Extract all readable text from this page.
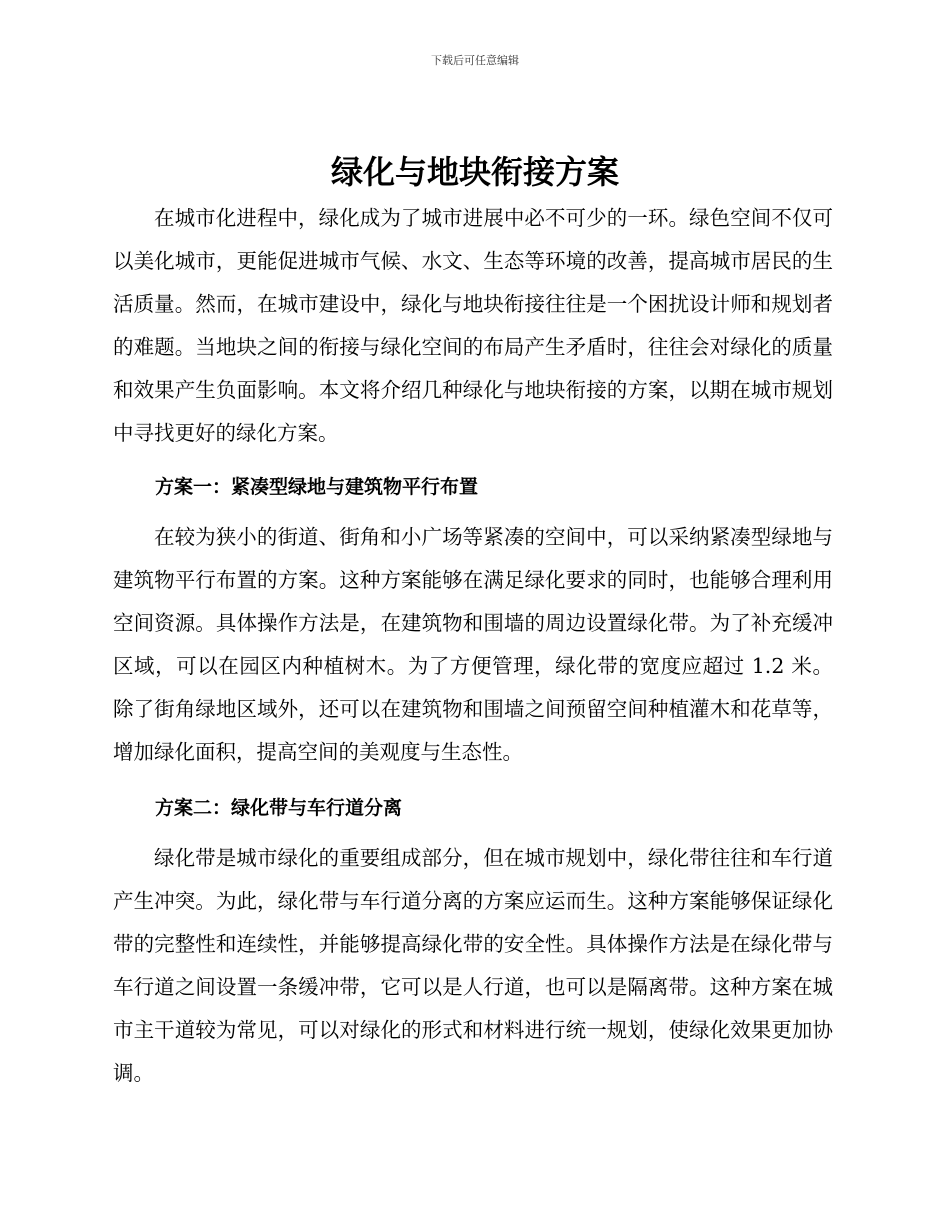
下载后可任意编辑
绿化与地块衔接方案

在城市化进程中，绿化成为了城市进展中必不可少的一环。绿色空间不仅可以美化城市，更能促进城市气候、水文、生态等环境的改善，提高城市居民的生活质量。然而，在城市建设中，绿化与地块衔接往往是一个困扰设计师和规划者的难题。当地块之间的衔接与绿化空间的布局产生矛盾时，往往会对绿化的质量和效果产生负面影响。本文将介绍几种绿化与地块衔接的方案，以期在城市规划中寻找更好的绿化方案。

方案一：紧凑型绿地与建筑物平行布置

在较为狭小的街道、街角和小广场等紧凑的空间中，可以采纳紧凑型绿地与建筑物平行布置的方案。这种方案能够在满足绿化要求的同时，也能够合理利用空间资源。具体操作方法是，在建筑物和围墙的周边设置绿化带。为了补充缓冲区域，可以在园区内种植树木。为了方便管理，绿化带的宽度应超过 1.2 米。除了街角绿地区域外，还可以在建筑物和围墙之间预留空间种植灌木和花草等，增加绿化面积，提高空间的美观度与生态性。

方案二：绿化带与车行道分离

绿化带是城市绿化的重要组成部分，但在城市规划中，绿化带往往和车行道产生冲突。为此，绿化带与车行道分离的方案应运而生。这种方案能够保证绿化带的完整性和连续性，并能够提高绿化带的安全性。具体操作方法是在绿化带与车行道之间设置一条缓冲带，它可以是人行道，也可以是隔离带。这种方案在城市主干道较为常见，可以对绿化的形式和材料进行统一规划，使绿化效果更加协调。
